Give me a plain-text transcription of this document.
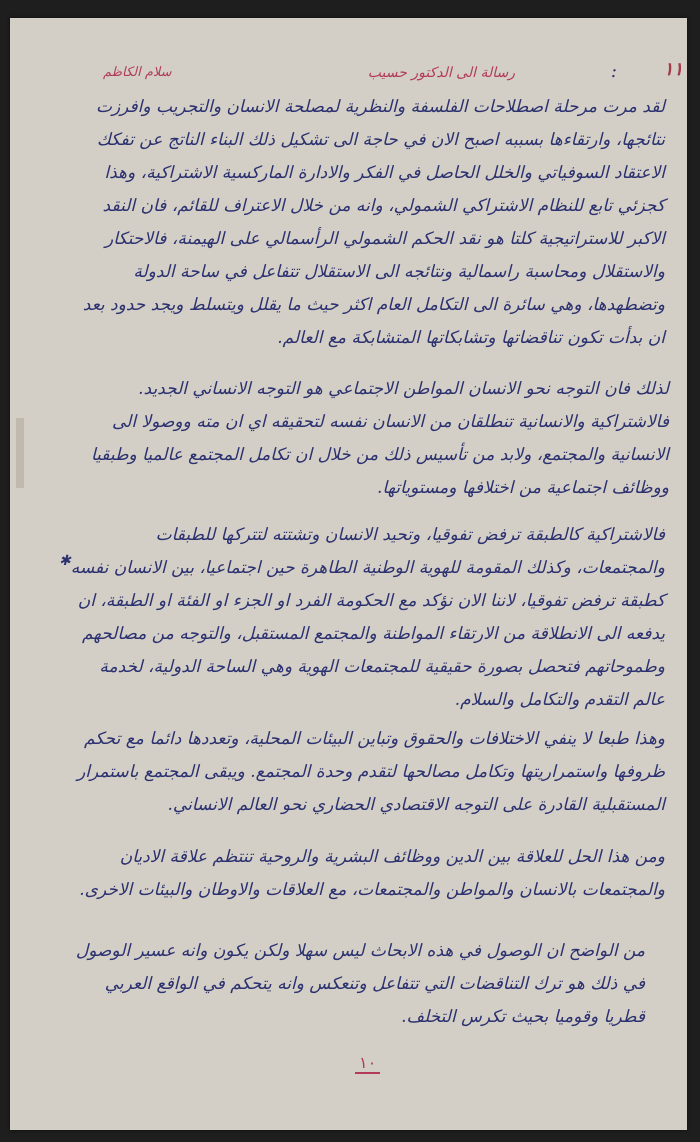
١١
:
رسالة الى الدكتور حسيب
سلام الكاظم
لقد مرت مرحلة اصطلاحات الفلسفة والنظرية لمصلحة الانسان والتجريب وافرزت نتائجها، وارتقاءها بسببه اصبح الان في حاجة الى تشكيل ذلك البناء الناتج عن تفكك الاعتقاد السوفياتي والخلل الحاصل في الفكر والادارة الماركسية الاشتراكية، وهذا كجزئي تابع للنظام الاشتراكي الشمولي، وانه من خلال الاعتراف للقائم، فان النقد الاكبر للاستراتيجية كلتا هو نقد الحكم الشمولي الرأسمالي على الهيمنة، فالاحتكار والاستقلال ومحاسبة راسمالية ونتائجه الى الاستقلال تتفاعل في ساحة الدولة وتضطهدها، وهي سائرة الى التكامل العام اكثر حيث ما يقلل ويتسلط ويجد حدود بعد ان بدأت تكون تناقضاتها وتشابكاتها المتشابكة مع العالم.
لذلك فان التوجه نحو الانسان المواطن الاجتماعي هو التوجه الانساني الجديد. فالاشتراكية والانسانية تنطلقان من الانسان نفسه لتحقيقه اي ان مته ووصولا الى الانسانية والمجتمع، ولابد من تأسيس ذلك من خلال ان تكامل المجتمع عالميا وطبقيا ووظائف اجتماعية من اختلافها ومستوياتها.
فالاشتراكية كالطبقة ترفض تفوقيا، وتحيد الانسان وتشتته لتتركها للطبقات والمجتمعات، وكذلك المقومة للهوية الوطنية الطاهرة حين اجتماعيا، بين الانسان نفسه كطبقة ترفض تفوقيا، لاننا الان نؤكد مع الحكومة الفرد او الجزء او الفئة او الطبقة، ان يدفعه الى الانطلاقة من الارتقاء المواطنة والمجتمع المستقبل، والتوجه من مصالحهم وطموحاتهم فتحصل بصورة حقيقية للمجتمعات الهوية وهي الساحة الدولية، لخدمة عالم التقدم والتكامل والسلام.
✱
وهذا طبعا لا ينفي الاختلافات والحقوق وتباين البيئات المحلية، وتعددها دائما مع تحكم ظروفها واستمراريتها وتكامل مصالحها لتقدم وحدة المجتمع. ويبقى المجتمع باستمرار المستقبلية القادرة على التوجه الاقتصادي الحضاري نحو العالم الانساني.
ومن هذا الحل للعلاقة بين الدين ووظائف البشرية والروحية تنتظم علاقة الاديان والمجتمعات بالانسان والمواطن والمجتمعات، مع العلاقات والاوطان والبيئات الاخرى.
من الواضح ان الوصول في هذه الابحاث ليس سهلا ولكن يكون وانه عسير الوصول في ذلك هو ترك التناقضات التي تتفاعل وتنعكس وانه يتحكم في الواقع العربي قطريا وقوميا بحيث تكرس التخلف.
١٠
